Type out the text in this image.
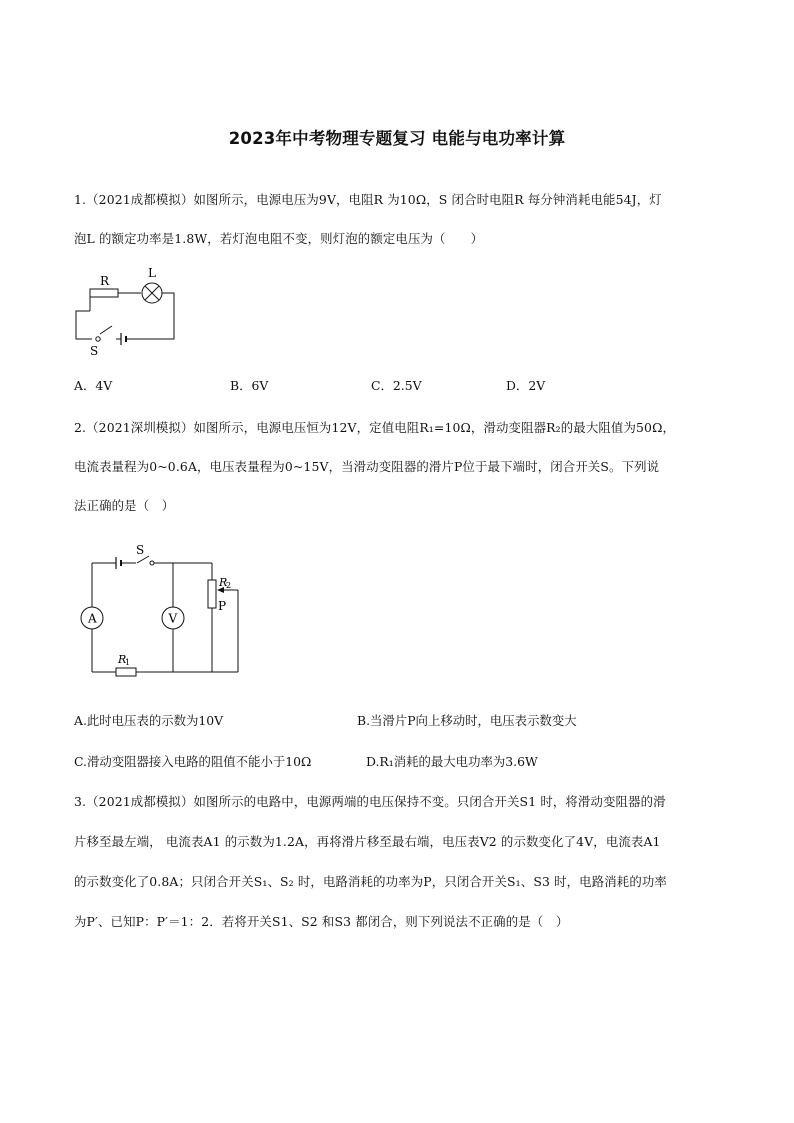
2023年中考物理专题复习 电能与电功率计算
1.（2021成都模拟）如图所示，电源电压为9V，电阻R 为10Ω，S 闭合时电阻R 每分钟消耗电能54J，灯
泡L 的额定功率是1.8W，若灯泡电阻不变，则灯泡的额定电压为（　　）
R
L
S
A．4V	B．6V	C．2.5V	D．2V
2.（2021深圳模拟）如图所示，电源电压恒为12V，定值电阻R₁=10Ω，滑动变阻器R₂的最大阻值为50Ω，
电流表量程为0~0.6A，电压表量程为0~15V，当滑动变阻器的滑片P位于最下端时，闭合开关S。下列说
法正确的是（　）
S
A	V
R
2
P
R
1
A.此时电压表的示数为10V	B.当滑片P向上移动时，电压表示数变大
C.滑动变阻器接入电路的阻值不能小于10Ω	D.R₁消耗的最大电功率为3.6W
3.（2021成都模拟）如图所示的电路中，电源两端的电压保持不变。只闭合开关S1 时，将滑动变阻器的滑
片移至最左端， 电流表A1 的示数为1.2A，再将滑片移至最右端，电压表V2 的示数变化了4V，电流表A1
的示数变化了0.8A；只闭合开关S₁、S₂ 时，电路消耗的功率为P，只闭合开关S₁、S3 时，电路消耗的功率
为P′、已知P：P′＝1：2．若将开关S1、S2 和S3 都闭合，则下列说法不正确的是（　）
